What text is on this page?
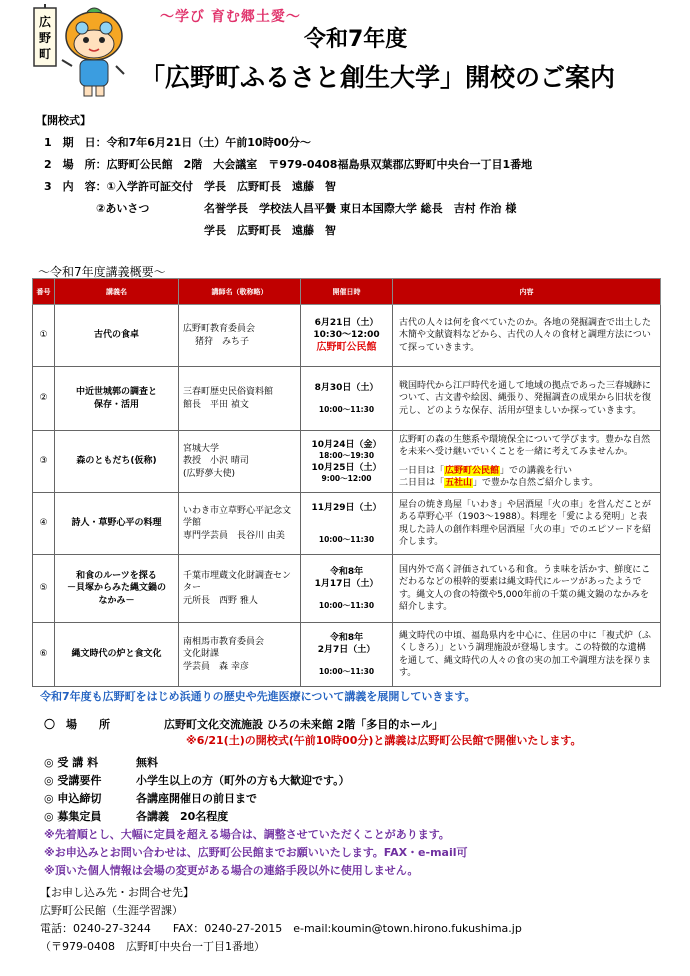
広
野
町
～学び 育む郷土愛～
令和7年度
「広野町ふるさと創生大学」開校のご案内
【開校式】
1　期　日：令和7年6月21日（土）午前10時00分～
2　場　所：広野町公民館　2階　大会議室　〒979-0408福島県双葉郡広野町中央台一丁目1番地
3　内　容：①入学許可証交付　学長　広野町長　遠藤　智
②あいさつ	名誉学長　学校法人昌平黌 東日本国際大学 総長　吉村 作治 様
学長　広野町長　遠藤　智
～令和7年度講義概要～
番号	講義名	講師名（敬称略）	開催日時	内容
①	古代の食卓	広野町教育委員会
猪狩　みち子	6月21日（土）
10:30～12:00
広野町公民館	古代の人々は何を食べていたのか。各地の発掘調査で出土した木簡や文献資料などから、古代の人々の食材と調理方法について探っていきます。
②	中近世城郭の調査と
保存・活用	三春町歴史民俗資料館
館長　平田 禎文	8月30日（土）
10:00～11:30	戦国時代から江戸時代を通して地域の拠点であった三春城跡について、古文書や絵図、縄張り、発掘調査の成果から旧状を復元し、どのような保存、活用が望ましいか探っていきます。
③	森のともだち(仮称)	宮城大学
教授　小沢 晴司
(広野夢大使)	10月24日（金）
18:00～19:30
10月25日（土）
9:00～12:00	広野町の森の生態系や環境保全について学びます。豊かな自然を未来へ受け継いでいくことを一緒に考えてみませんか。

一日目は「広野町公民館」での講義を行い
二日目は「五社山」で豊かな自然ご紹介します。
④	詩人・草野心平の料理	いわき市立草野心平記念文学館
専門学芸員　長谷川 由美	11月29日（土）
10:00～11:30	屋台の焼き鳥屋「いわき」や居酒屋「火の車」を営んだことがある草野心平（1903～1988）。料理を「愛による発明」と表現した詩人の創作料理や居酒屋「火の車」でのエピソードを紹介します。
⑤	和食のルーツを探る
－貝塚からみた縄文鍋の
なかみ－	千葉市埋蔵文化財調査センター
元所長　西野 雅人	令和8年
1月17日（土）
10:00～11:30	国内外で高く評価されている和食。うま味を活かす、鮮度にこだわるなどの根幹的要素は縄文時代にルーツがあったようです。縄文人の食の特徴や5,000年前の千葉の縄文鍋のなかみを紹介します。
⑥	縄文時代の炉と食文化	南相馬市教育委員会
文化財課
学芸員　森 幸彦	令和8年
2月7日（土）
10:00～11:30	縄文時代の中頃、福島県内を中心に、住居の中に「複式炉（ふくしきろ）」という調理施設が登場します。この特徴的な遺構を通して、縄文時代の人々の食の実の加工や調理方法を探ります。
令和7年度も広野町をはじめ浜通りの歴史や先進医療について講義を展開していきます。
〇　場　　所	広野町文化交流施設 ひろの未来館 2階「多目的ホール」
※6/21(土)の開校式(午前10時00分)と講義は広野町公民館で開催いたします。
◎ 受 講 料	無料
◎ 受講要件	小学生以上の方（町外の方も大歓迎です。）
◎ 申込締切	各講座開催日の前日まで
◎ 募集定員	各講義　20名程度
※先着順とし、大幅に定員を超える場合は、調整させていただくことがあります。
※お申込みとお問い合わせは、広野町公民館までお願いいたします。FAX・e-mail可
※頂いた個人情報は会場の変更がある場合の連絡手段以外に使用しません。
【お申し込み先・お問合せ先】
広野町公民館（生涯学習課）
電話：0240-27-3244　　FAX：0240-27-2015　e-mail:koumin@town.hirono.fukushima.jp
（〒979-0408　広野町中央台一丁目1番地）
